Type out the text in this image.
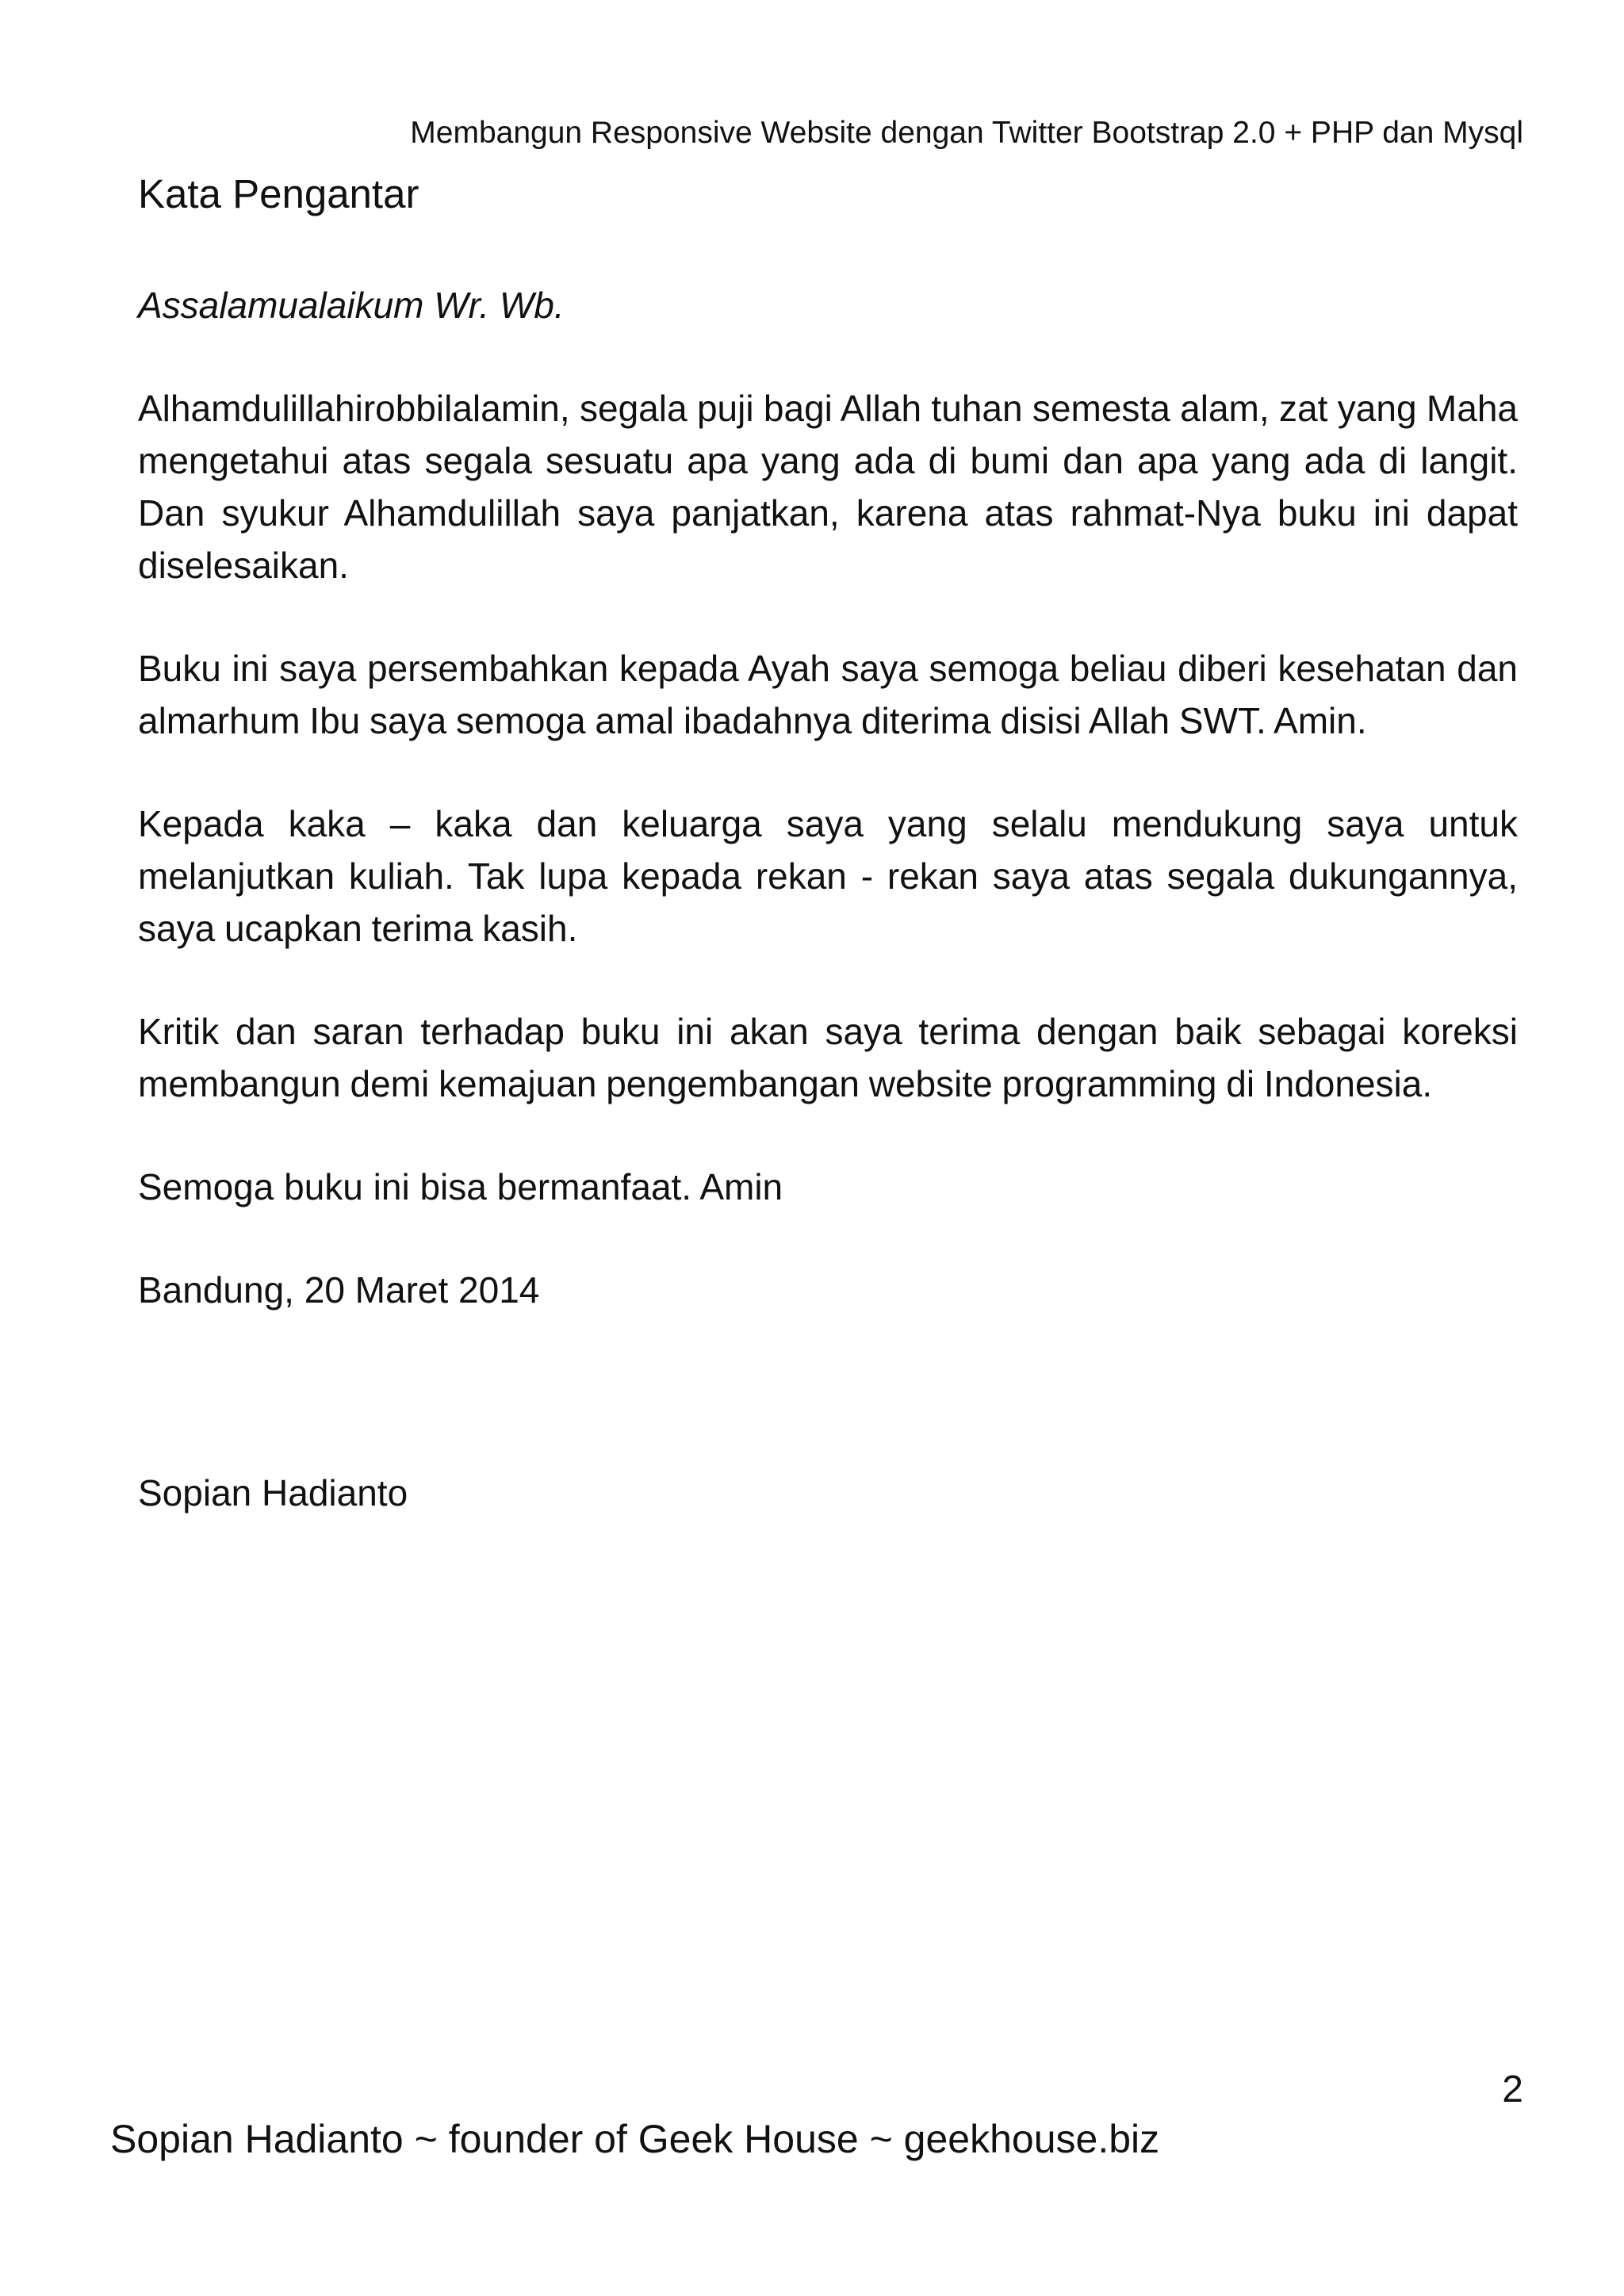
Membangun Responsive Website dengan Twitter Bootstrap 2.0 + PHP dan Mysql
Kata Pengantar

Assalamualaikum Wr. Wb.

Alhamdulillahirobbilalamin, segala puji bagi Allah tuhan semesta alam, zat yang Maha mengetahui atas segala sesuatu apa yang ada di bumi dan apa yang ada di langit. Dan syukur Alhamdulillah saya panjatkan, karena atas rahmat-Nya buku ini dapat diselesaikan.

Buku ini saya persembahkan kepada Ayah saya semoga beliau diberi kesehatan dan almarhum Ibu saya semoga amal ibadahnya diterima disisi Allah SWT. Amin.

Kepada kaka – kaka dan keluarga saya yang selalu mendukung saya untuk melanjutkan kuliah. Tak lupa kepada rekan - rekan saya atas segala dukungannya, saya ucapkan terima kasih.

Kritik dan saran terhadap buku ini akan saya terima dengan baik sebagai koreksi membangun demi kemajuan pengembangan website programming di Indonesia.

Semoga buku ini bisa bermanfaat. Amin

Bandung, 20 Maret 2014

Sopian Hadianto

2
Sopian Hadianto ~ founder of Geek House ~ geekhouse.biz
